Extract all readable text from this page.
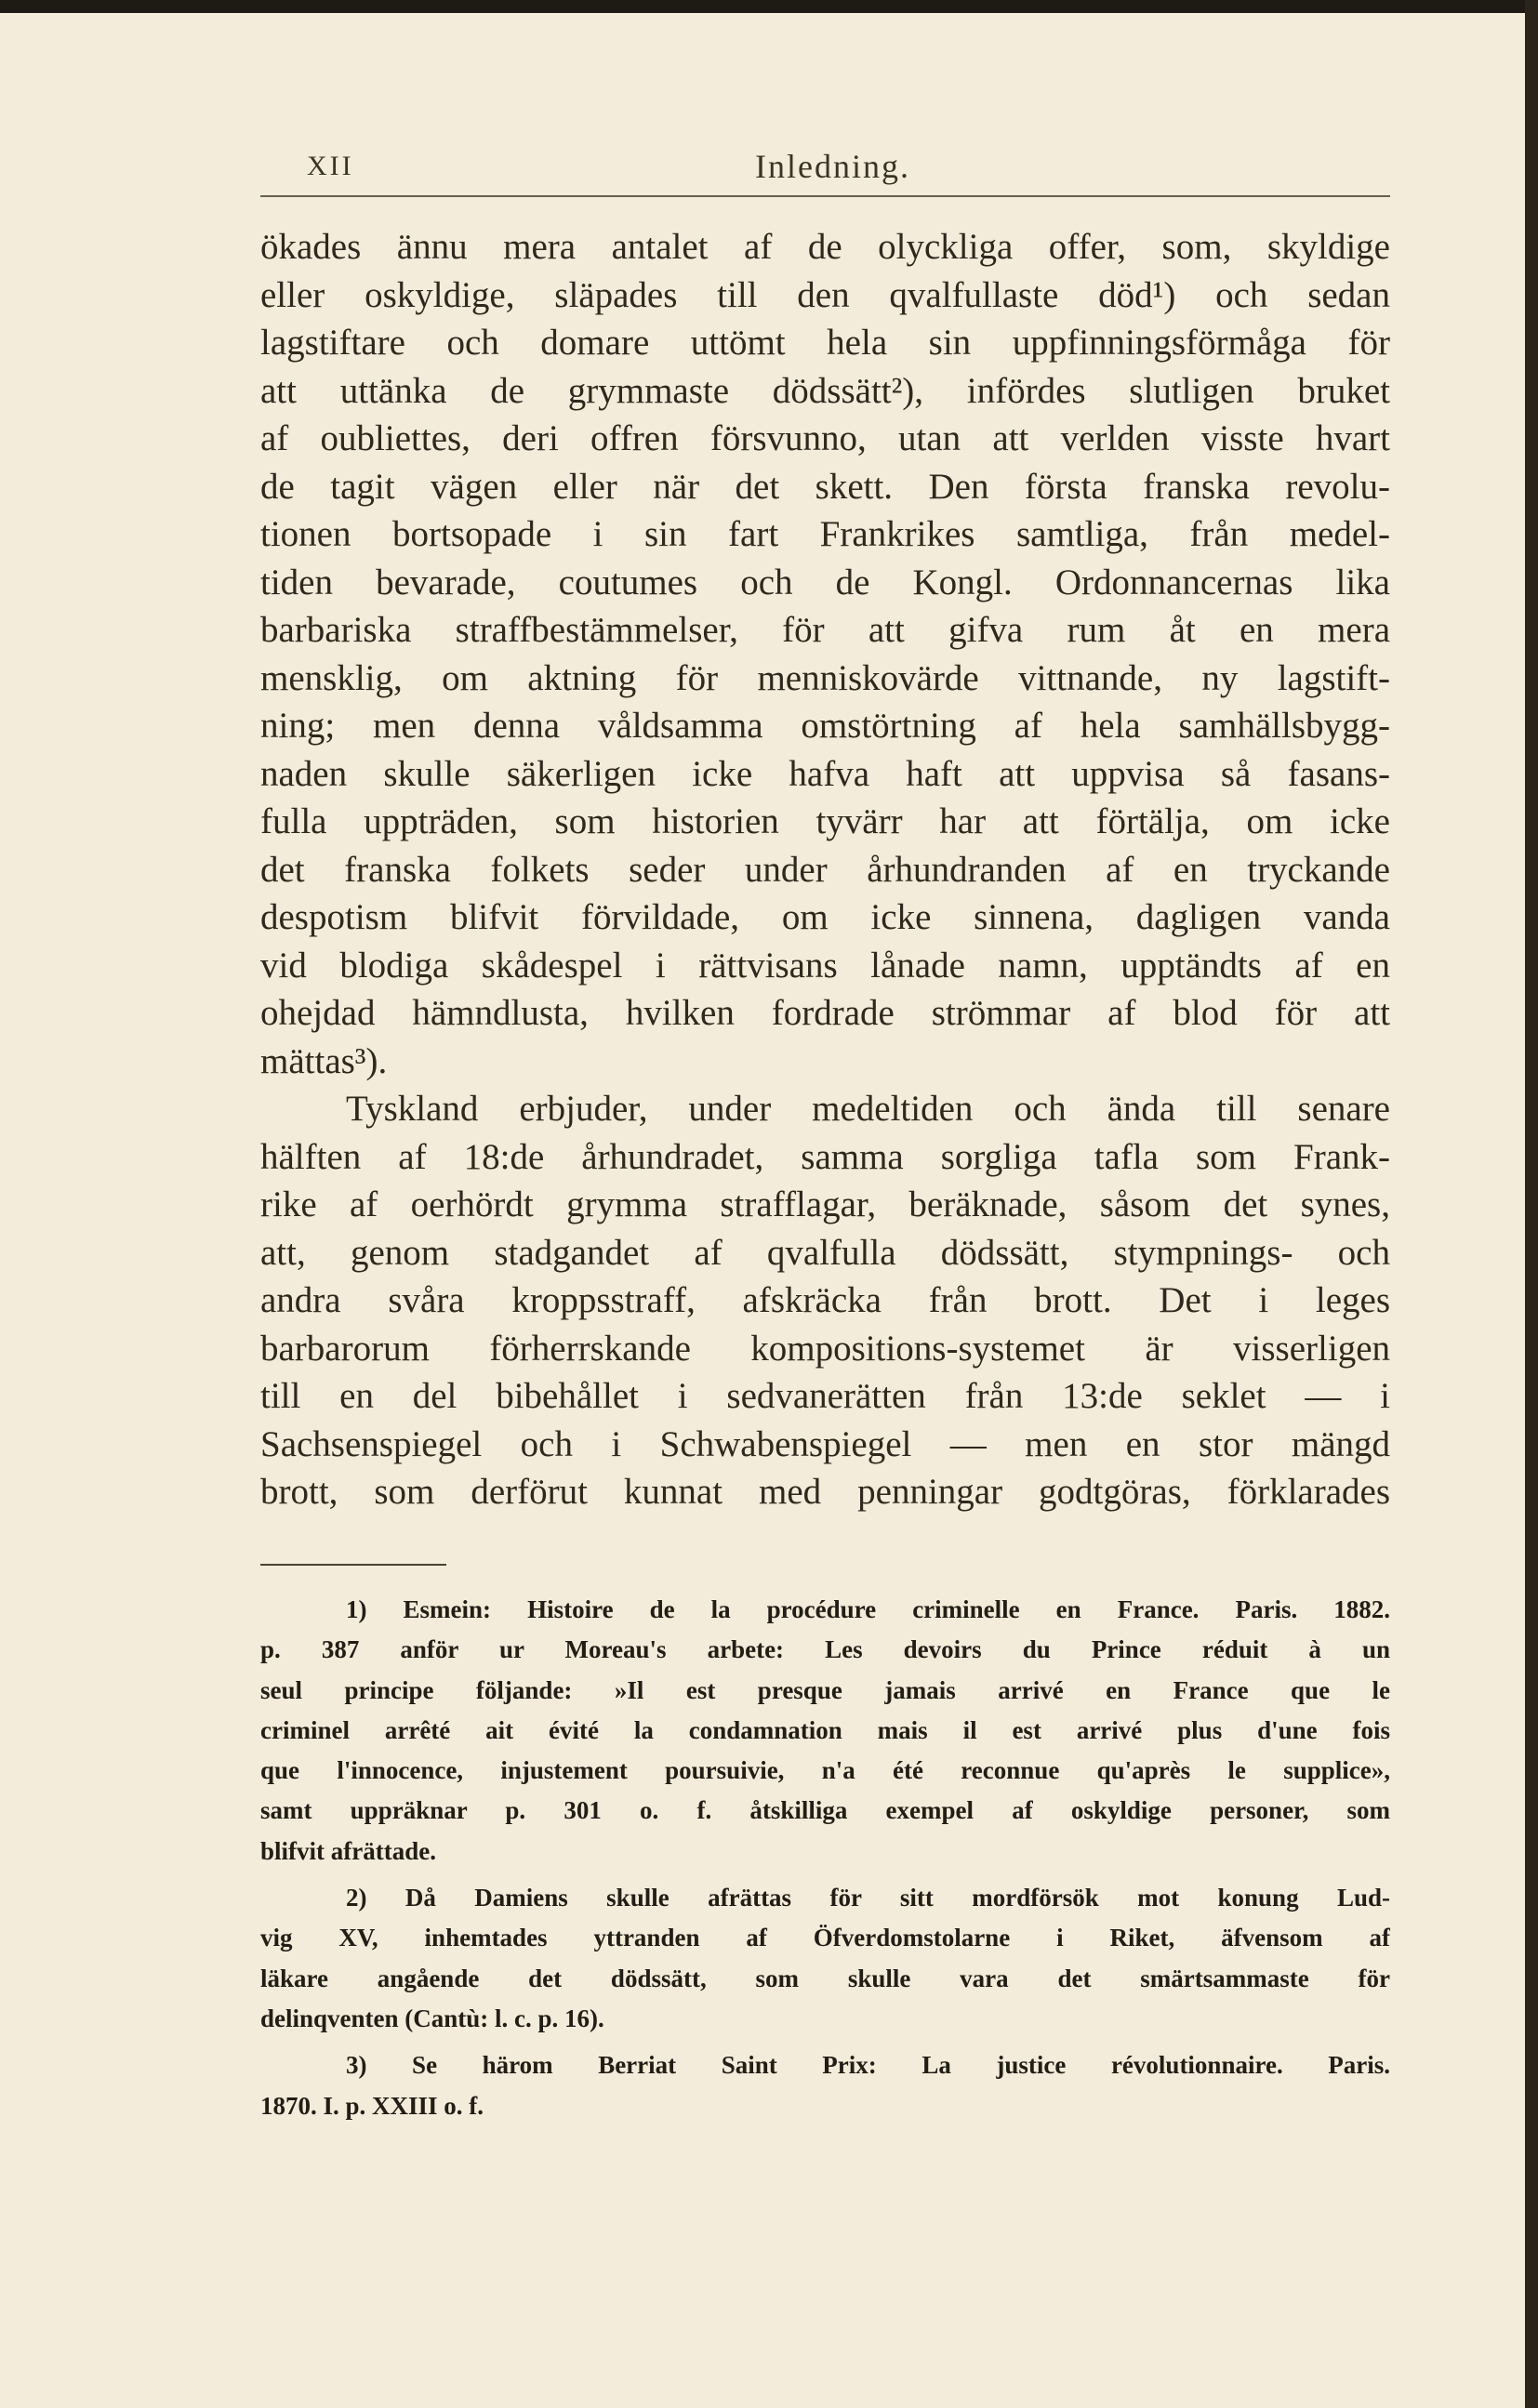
XII	Inledning.
ökades ännu mera antalet af de olyckliga offer, som, skyldige
eller oskyldige, släpades till den qvalfullaste död¹) och sedan
lagstiftare och domare uttömt hela sin uppfinningsförmåga för
att uttänka de grymmaste dödssätt²), infördes slutligen bruket
af oubliettes, deri offren försvunno, utan att verlden visste hvart
de tagit vägen eller när det skett. Den första franska revolu-
tionen bortsopade i sin fart Frankrikes samtliga, från medel-
tiden bevarade, coutumes och de Kongl. Ordonnancernas lika
barbariska straffbestämmelser, för att gifva rum åt en mera
mensklig, om aktning för menniskovärde vittnande, ny lagstift-
ning; men denna våldsamma omstörtning af hela samhällsbygg-
naden skulle säkerligen icke hafva haft att uppvisa så fasans-
fulla uppträden, som historien tyvärr har att förtälja, om icke
det franska folkets seder under århundranden af en tryckande
despotism blifvit förvildade, om icke sinnena, dagligen vanda
vid blodiga skådespel i rättvisans lånade namn, upptändts af en
ohejdad hämndlusta, hvilken fordrade strömmar af blod för att
mättas³).
Tyskland erbjuder, under medeltiden och ända till senare
hälften af 18:de århundradet, samma sorgliga tafla som Frank-
rike af oerhördt grymma strafflagar, beräknade, såsom det synes,
att, genom stadgandet af qvalfulla dödssätt, stympnings- och
andra svåra kroppsstraff, afskräcka från brott. Det i leges
barbarorum förherrskande kompositions-systemet är visserligen
till en del bibehållet i sedvanerätten från 13:de seklet — i
Sachsenspiegel och i Schwabenspiegel — men en stor mängd
brott, som derförut kunnat med penningar godtgöras, förklarades
1) Esmein: Histoire de la procédure criminelle en France. Paris. 1882.
p. 387 anför ur Moreau's arbete: Les devoirs du Prince réduit à un
seul principe följande: »Il est presque jamais arrivé en France que le
criminel arrêté ait évité la condamnation mais il est arrivé plus d'une fois
que l'innocence, injustement poursuivie, n'a été reconnue qu'après le supplice»,
samt uppräknar p. 301 o. f. åtskilliga exempel af oskyldige personer, som
blifvit afrättade.
2) Då Damiens skulle afrättas för sitt mordförsök mot konung Lud-
vig XV, inhemtades yttranden af Öfverdomstolarne i Riket, äfvensom af
läkare angående det dödssätt, som skulle vara det smärtsammaste för
delinqventen (Cantù: l. c. p. 16).
3) Se härom Berriat Saint Prix: La justice révolutionnaire. Paris.
1870. I. p. XXIII o. f.
